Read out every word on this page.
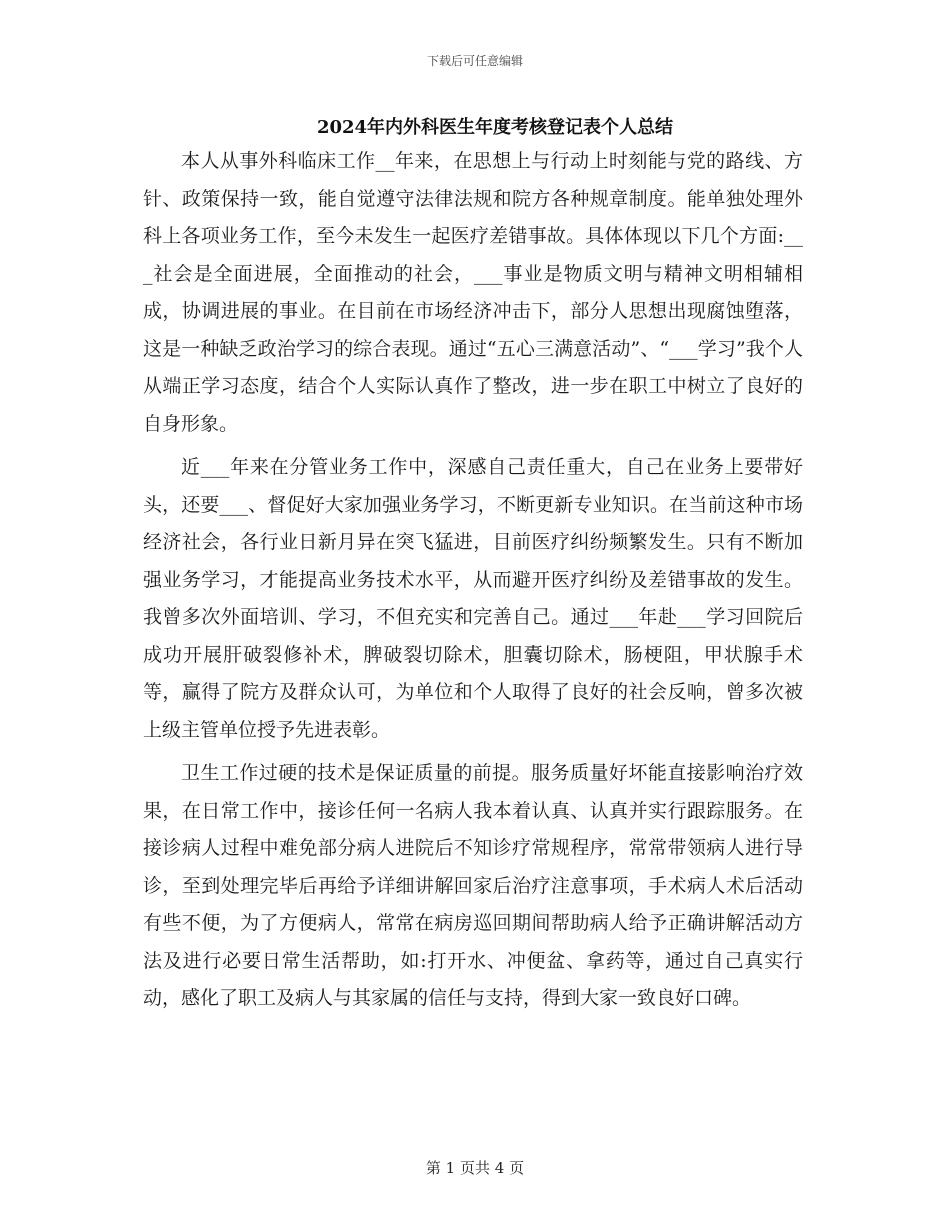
下载后可任意编辑
2024年内外科医生年度考核登记表个人总结

本人从事外科临床工作__年来，在思想上与行动上时刻能与党的路线、方针、政策保持一致，能自觉遵守法律法规和院方各种规章制度。能单独处理外科上各项业务工作，至今未发生一起医疗差错事故。具体体现以下几个方面:___社会是全面进展，全面推动的社会，___事业是物质文明与精神文明相辅相成，协调进展的事业。在目前在市场经济冲击下，部分人思想出现腐蚀堕落，这是一种缺乏政治学习的综合表现。通过“五心三满意活动”、“___学习”我个人从端正学习态度，结合个人实际认真作了整改，进一步在职工中树立了良好的自身形象。

近___年来在分管业务工作中，深感自己责任重大，自己在业务上要带好头，还要___、督促好大家加强业务学习，不断更新专业知识。在当前这种市场经济社会，各行业日新月异在突飞猛进，目前医疗纠纷频繁发生。只有不断加强业务学习，才能提高业务技术水平，从而避开医疗纠纷及差错事故的发生。我曾多次外面培训、学习，不但充实和完善自己。通过___年赴___学习回院后成功开展肝破裂修补术，脾破裂切除术，胆囊切除术，肠梗阻，甲状腺手术等，赢得了院方及群众认可，为单位和个人取得了良好的社会反响，曾多次被上级主管单位授予先进表彰。

卫生工作过硬的技术是保证质量的前提。服务质量好坏能直接影响治疗效果，在日常工作中，接诊任何一名病人我本着认真、认真并实行跟踪服务。在接诊病人过程中难免部分病人进院后不知诊疗常规程序，常常带领病人进行导诊，至到处理完毕后再给予详细讲解回家后治疗注意事项，手术病人术后活动有些不便，为了方便病人，常常在病房巡回期间帮助病人给予正确讲解活动方法及进行必要日常生活帮助，如:打开水、冲便盆、拿药等，通过自己真实行动，感化了职工及病人与其家属的信任与支持，得到大家一致良好口碑。

第 1 页共 4 页
